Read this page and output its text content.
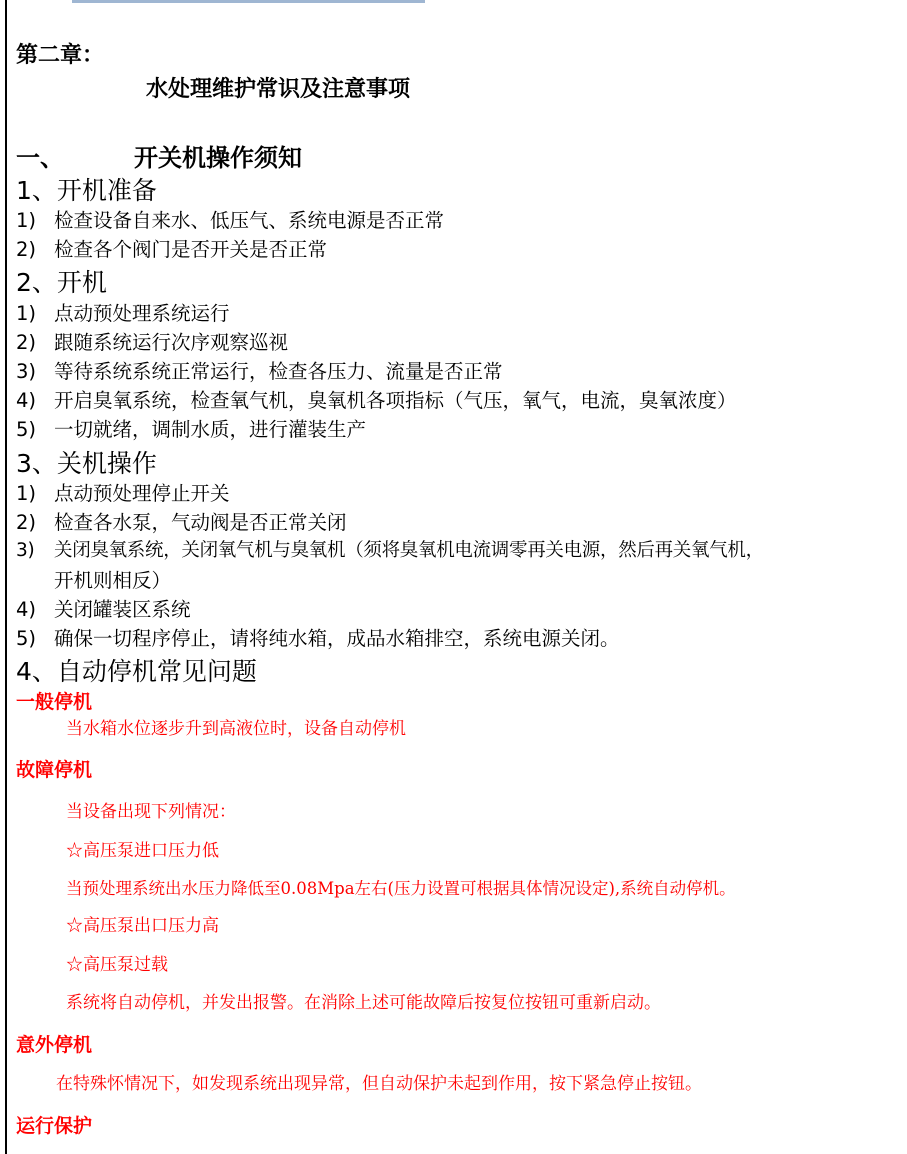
第二章：
水处理维护常识及注意事项
一、	开关机操作须知
1、开机准备
1) 检查设备自来水、低压气、系统电源是否正常
2) 检查各个阀门是否开关是否正常
2、开机
1) 点动预处理系统运行
2) 跟随系统运行次序观察巡视
3) 等待系统系统正常运行，检查各压力、流量是否正常
4) 开启臭氧系统，检查氧气机，臭氧机各项指标（气压，氧气，电流，臭氧浓度）
5) 一切就绪，调制水质，进行灌装生产
3、关机操作
1) 点动预处理停止开关
2) 检查各水泵，气动阀是否正常关闭
3) 关闭臭氧系统，关闭氧气机与臭氧机（须将臭氧机电流调零再关电源，然后再关氧气机，
开机则相反）
4) 关闭罐装区系统
5) 确保一切程序停止，请将纯水箱，成品水箱排空，系统电源关闭。
4、自动停机常见问题
一般停机
当水箱水位逐步升到高液位时，设备自动停机
故障停机
当设备出现下列情况：
☆高压泵进口压力低
当预处理系统出水压力降低至0.08Mpa左右(压力设置可根据具体情况设定),系统自动停机。
☆高压泵出口压力高
☆高压泵过载
系统将自动停机，并发出报警。在消除上述可能故障后按复位按钮可重新启动。
意外停机
在特殊怀情况下，如发现系统出现异常，但自动保护未起到作用，按下紧急停止按钮。
运行保护
